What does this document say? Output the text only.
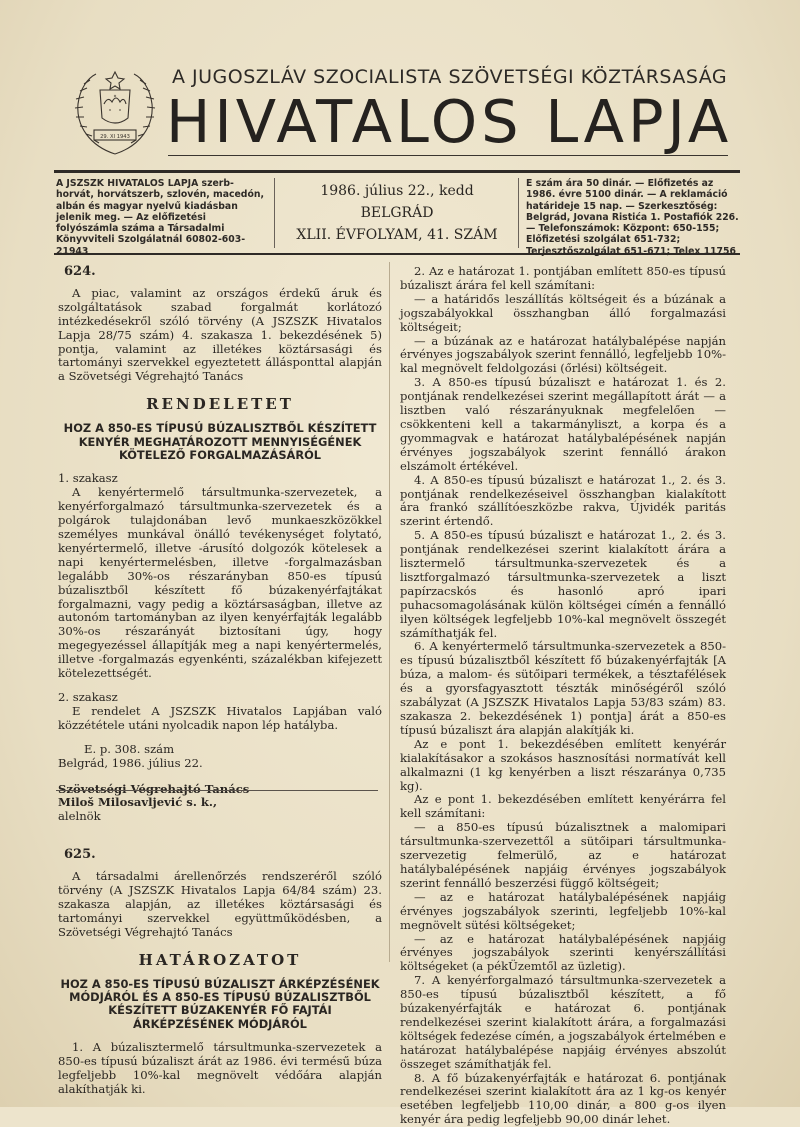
29. XI 1943
A JUGOSZLÁV SZOCIALISTA SZÖVETSÉGI KÖZTÁRSASÁG
HIVATALOS LAPJA
A JSZSZK HIVATALOS LAPJA szerb-horvát, horvátszerb, szlovén, macedón, albán és magyar nyelvű kiadásban jelenik meg. — Az előfizetési folyószámla száma a Társadalmi Könyvviteli Szolgálatnál 60802-603-21943
1986. július 22., kedd
BELGRÁD
XLII. ÉVFOLYAM, 41. SZÁM
E szám ára 50 dinár. — Előfizetés az 1986. évre 5100 dinár. — A reklamáció határideje 15 nap. — Szerkesztőség: Belgrád, Jovana Ristića 1. Postafiók 226. — Telefonszámok: Központ: 650-155; Előfizetési szolgálat 651-732; Terjesztőszolgálat 651-671; Telex 11756
624.

A piac, valamint az országos érdekű áruk és szolgáltatások szabad forgalmát korlátozó intézkedésekről szóló törvény (A JSZSZK Hivatalos Lapja 28/75 szám) 4. szakasza 1. bekezdésének 5) pontja, valamint az illetékes köztársasági és tartományi szervekkel egyeztetett állásponttal alapján a Szövetségi Végrehajtó Tanács

RENDELETET
HOZ A 850-ES TÍPUSÚ BÚZALISZTBŐL KÉSZÍTETT KENYÉR MEGHATÁROZOTT MENNYISÉGÉNEK KÖTELEZŐ FORGALMAZÁSÁRÓL

1. szakasz

A kenyértermelő társultmunka-szervezetek, a kenyérforgalmazó társultmunka-szervezetek és a polgárok tulajdonában levő munkaeszközökkel személyes munkával önálló tevékenységet folytató, kenyértermelő, illetve -árusító dolgozók kötelesek a napi kenyértermelésben, illetve -forgalmazásban legalább 30%-os részarányban 850-es típusú búzalisztből készített fő búzakenyérfajtákat forgalmazni, vagy pedig a köztársaságban, illetve az autonóm tartományban az ilyen kenyérfajták legalább 30%-os részarányát biztosítani úgy, hogy megegyezéssel állapítják meg a napi kenyértermelés, illetve -forgalmazás egyenkénti, százalékban kifejezett kötelezettségét.

2. szakasz

E rendelet A JSZSZK Hivatalos Lapjában való közzététele utáni nyolcadik napon lép hatályba.

E. p. 308. szám

Belgrád, 1986. július 22.

Szövetségi Végrehajtó Tanács

Miloš Milosavljević s. k.,

alelnök

625.

A társadalmi árellenőrzés rendszeréről szóló törvény (A JSZSZK Hivatalos Lapja 64/84 szám) 23. szakasza alapján, az illetékes köztársasági és tartományi szervekkel együttműködésben, a Szövetségi Végrehajtó Tanács

HATÁROZATOT
HOZ A 850-ES TÍPUSÚ BÚZALISZT ÁRKÉPZÉSÉNEK MÓDJÁRÓL ÉS A 850-ES TÍPUSÚ BÚZALISZTBŐL KÉSZÍTETT BÚZAKENYÉR FŐ FAJTÁI ÁRKÉPZÉSÉNEK MÓDJÁRÓL

1. A búzalisztermelő társultmunka-szervezetek a 850-es típusú búzaliszt árát az 1986. évi termésű búza legfeljebb 10%-kal megnövelt védőára alapján alakíthatják ki.

2. Az e határozat 1. pontjában említett 850-es típusú búzaliszt árára fel kell számítani:

— a határidős leszállítás költségeit és a búzának a jogszabályokkal összhangban álló forgalmazási költségeit;

— a búzának az e határozat hatálybalépése napján érvényes jogszabályok szerint fennálló, legfeljebb 10%-kal megnövelt feldolgozási (őrlési) költségeit.

3. A 850-es típusú búzaliszt e határozat 1. és 2. pontjának rendelkezései szerint megállapított árát — a lisztben való részarányuknak megfelelően — csökkenteni kell a takarmányliszt, a korpa és a gyommagvak e határozat hatálybalépésének napján érvényes jogszabályok szerint fennálló árakon elszámolt értékével.

4. A 850-es típusú búzaliszt e határozat 1., 2. és 3. pontjának rendelkezéseivel összhangban kialakított ára frankó szállítóeszközbe rakva, Újvidék paritás szerint értendő.

5. A 850-es típusú búzaliszt e határozat 1., 2. és 3. pontjának rendelkezései szerint kialakított árára a lisztermelő társultmunka-szervezetek és a lisztforgalmazó társultmunka-szervezetek a liszt papírzacskós és hasonló apró ipari puhacsomagolásának külön költségei címén a fennálló ilyen költségek legfeljebb 10%-kal megnövelt összegét számíthatják fel.

6. A kenyértermelő társultmunka-szervezetek a 850-es típusú búzalisztből készített fő búzakenyérfajták [A búza, a malom- és sütőipari termékek, a tésztafélések és a gyorsfagyasztott tészták minőségéről szóló szabályzat (A JSZSZK Hivatalos Lapja 53/83 szám) 83. szakasza 2. bekezdésének 1) pontja] árát a 850-es típusú búzaliszt ára alapján alakítják ki.

Az e pont 1. bekezdésében említett kenyérár kialakításakor a szokásos hasznosítási normatívát kell alkalmazni (1 kg kenyérben a liszt részaránya 0,735 kg).

Az e pont 1. bekezdésében említett kenyérárra fel kell számítani:

— a 850-es típusú búzalisztnek a malomipari társultmunka-szervezettől a sütőipari társultmunka-szervezetig felmerülő, az e határozat hatálybalépésének napjáig érvényes jogszabályok szerint fennálló beszerzési függő költségeit;

— az e határozat hatálybalépésének napjáig érvényes jogszabályok szerinti, legfeljebb 10%-kal megnövelt sütési költségeket;

— az e határozat hatálybalépésének napjáig érvényes jogszabályok szerinti kenyérszállítási költségeket (a pékÜzemtől az üzletig).

7. A kenyérforgalmazó társultmunka-szervezetek a 850-es típusú búzalisztből készített, a fő búzakenyérfajták e határozat 6. pontjának rendelkezései szerint kialakított árára, a forgalmazási költségek fedezése címén, a jogszabályok értelmében e határozat hatálybalépése napjáig érvényes abszolút összeget számíthatják fel.

8. A fő búzakenyérfajták e határozat 6. pontjának rendelkezései szerint kialakított ára az 1 kg-os kenyér esetében legfeljebb 110,00 dinár, a 800 g-os ilyen kenyér ára pedig legfeljebb 90,00 dinár lehet.
